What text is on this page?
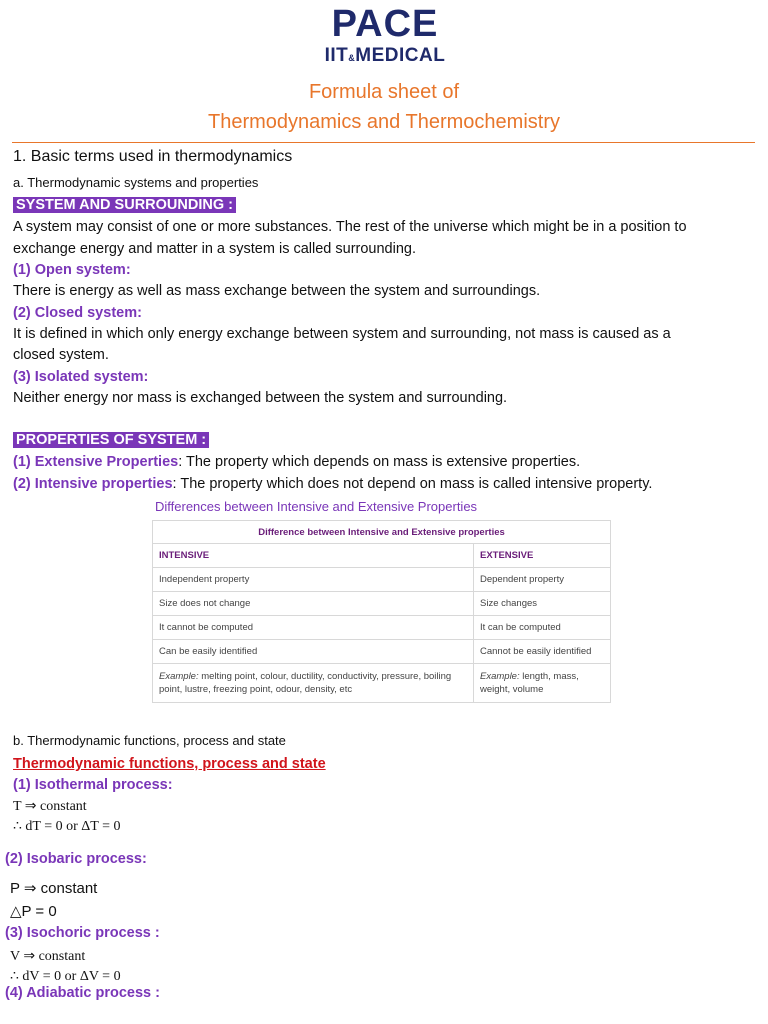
PACE
IIT&MEDICAL
Formula sheet of
Thermodynamics and Thermochemistry
1. Basic terms used in thermodynamics
a. Thermodynamic systems and properties
SYSTEM AND SURROUNDING :
A system may consist of one or more substances. The rest of the universe which might be in a position to
exchange energy and matter in a system is called surrounding.
(1) Open system:
There is energy as well as mass exchange between the system and surroundings.
(2) Closed system:
It is defined in which only energy exchange between system and surrounding, not mass is caused as a
closed system.
(3) Isolated system:
Neither energy nor mass is exchanged between the system and surrounding.
PROPERTIES OF SYSTEM :
(1) Extensive Properties: The property which depends on mass is extensive properties.
(2) Intensive properties: The property which does not depend on mass is called intensive property.
Differences between Intensive and Extensive Properties
Difference between Intensive and Extensive properties	
INTENSIVE	EXTENSIVE
Independent property	Dependent property
Size does not change	Size changes
It cannot be computed	It can be computed
Can be easily identified	Cannot be easily identified
Example: melting point, colour, ductility, conductivity, pressure, boiling point, lustre, freezing point, odour, density, etc	Example: length, mass, weight, volume
b. Thermodynamic functions, process and state
Thermodynamic functions, process and state
(1) Isothermal process:
T ⇒ constant
∴ dT = 0 or ΔT = 0
(2) Isobaric process:
P ⇒ constant
△P = 0
(3) Isochoric process :
V ⇒ constant
∴ dV = 0 or ΔV = 0
(4) Adiabatic process :
